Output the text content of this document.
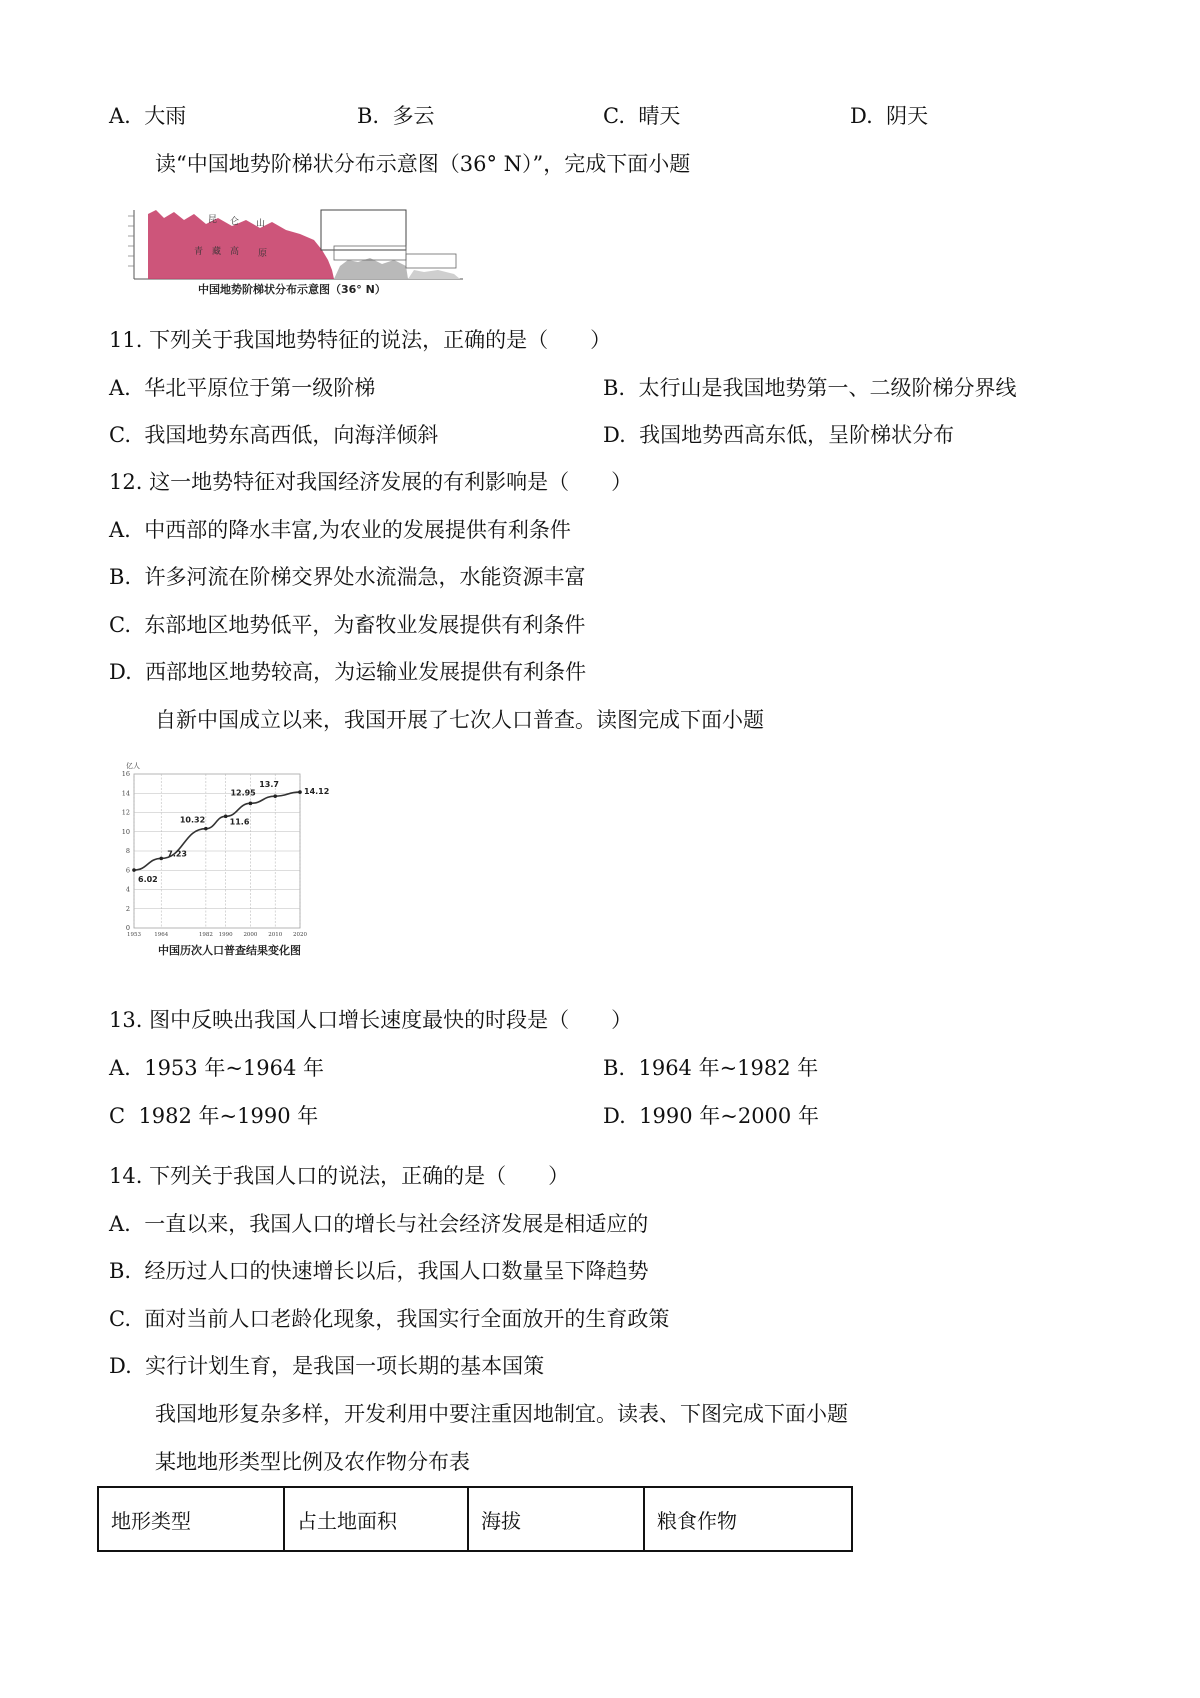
A. 大雨	B. 多云	C. 晴天	D. 阴天
读“中国地势阶梯状分布示意图（36° N）”，完成下面小题
昆 仑 山
青 藏 高 原
中国地势阶梯状分布示意图（36° N）
11. 下列关于我国地势特征的说法，正确的是（　　）
A. 华北平原位于第一级阶梯	B. 太行山是我国地势第一、二级阶梯分界线
C. 我国地势东高西低，向海洋倾斜	D. 我国地势西高东低，呈阶梯状分布
12. 这一地势特征对我国经济发展的有利影响是（　　）
A. 中西部的降水丰富,为农业的发展提供有利条件
B. 许多河流在阶梯交界处水流湍急，水能资源丰富
C. 东部地区地势低平，为畜牧业发展提供有利条件
D. 西部地区地势较高，为运输业发展提供有利条件
自新中国成立以来，我国开展了七次人口普查。读图完成下面小题
亿人
0
2
4
6
8
10
12
14
16
1953 1964	1982 1990 2000 2010 2020
6.02
7.23
10.32	11.6
12.95
13.7
14.12
中国历次人口普查结果变化图
13. 图中反映出我国人口增长速度最快的时段是（　　）
A. 1953 年~1964 年	B. 1964 年~1982 年
C 1982 年~1990 年	D. 1990 年~2000 年
14. 下列关于我国人口的说法，正确的是（　　）
A. 一直以来，我国人口的增长与社会经济发展是相适应的
B. 经历过人口的快速增长以后，我国人口数量呈下降趋势
C. 面对当前人口老龄化现象，我国实行全面放开的生育政策
D. 实行计划生育，是我国一项长期的基本国策
我国地形复杂多样，开发利用中要注重因地制宜。读表、下图完成下面小题
某地地形类型比例及农作物分布表
地形类型	占土地面积	海拔	粮食作物
